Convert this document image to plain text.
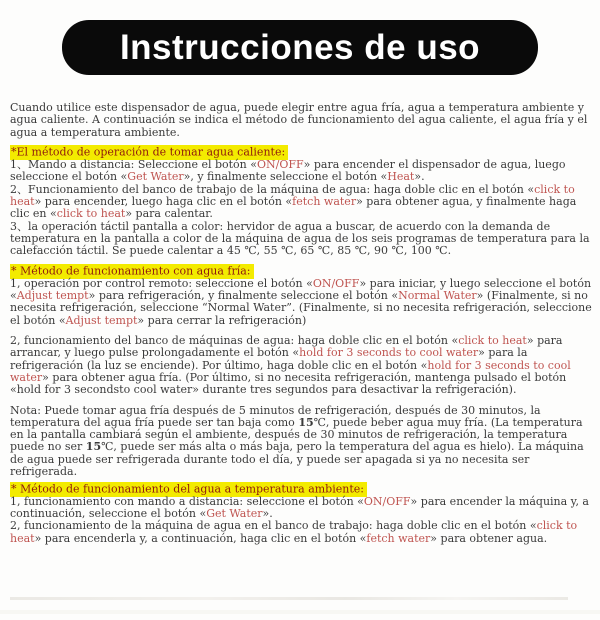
Instrucciones de uso
Cuando utilice este dispensador de agua, puede elegir entre agua fría, agua a temperatura ambiente y agua caliente. A continuación se indica el método de funcionamiento del agua caliente, el agua fría y el agua a temperatura ambiente.
*El método de operación de tomar agua caliente:
1、Mando a distancia: Seleccione el botón «ON/OFF» para encender el dispensador de agua, luego seleccione el botón «Get Water», y finalmente seleccione el botón «Heat».
2、Funcionamiento del banco de trabajo de la máquina de agua: haga doble clic en el botón «click to heat» para encender, luego haga clic en el botón «fetch water» para obtener agua, y finalmente haga clic en «click to heat» para calentar.
3、la operación táctil pantalla a color: hervidor de agua a buscar, de acuerdo con la demanda de temperatura en la pantalla a color de la máquina de agua de los seis programas de temperatura para la calefacción táctil. Se puede calentar a 45 ℃, 55 ℃, 65 ℃, 85 ℃, 90 ℃, 100 ℃.
* Método de funcionamiento con agua fría:
1, operación por control remoto: seleccione el botón «ON/OFF» para iniciar, y luego seleccione el botón «Adjust tempt» para refrigeración, y finalmente seleccione el botón «Normal Water» (Finalmente, si no necesita refrigeración, seleccione “Normal Water”. (Finalmente, si no necesita refrigeración, seleccione el botón «Adjust tempt» para cerrar la refrigeración)
2, funcionamiento del banco de máquinas de agua: haga doble clic en el botón «click to heat» para arrancar, y luego pulse prolongadamente el botón «hold for 3 seconds to cool water» para la refrigeración (la luz se enciende). Por último, haga doble clic en el botón «hold for 3 seconds to cool water» para obtener agua fría. (Por último, si no necesita refrigeración, mantenga pulsado el botón «hold for 3 secondsto cool water» durante tres segundos para desactivar la refrigeración).
Nota: Puede tomar agua fría después de 5 minutos de refrigeración, después de 30 minutos, la temperatura del agua fría puede ser tan baja como 15℃, puede beber agua muy fría. (La temperatura en la pantalla cambiará según el ambiente, después de 30 minutos de refrigeración, la temperatura puede no ser 15℃, puede ser más alta o más baja, pero la temperatura del agua es hielo). La máquina de agua puede ser refrigerada durante todo el día, y puede ser apagada si ya no necesita ser refrigerada.
* Método de funcionamiento del agua a temperatura ambiente:
1, funcionamiento con mando a distancia: seleccione el botón «ON/OFF» para encender la máquina y, a continuación, seleccione el botón «Get Water».
2, funcionamiento de la máquina de agua en el banco de trabajo: haga doble clic en el botón «click to heat» para encenderla y, a continuación, haga clic en el botón «fetch water» para obtener agua.
